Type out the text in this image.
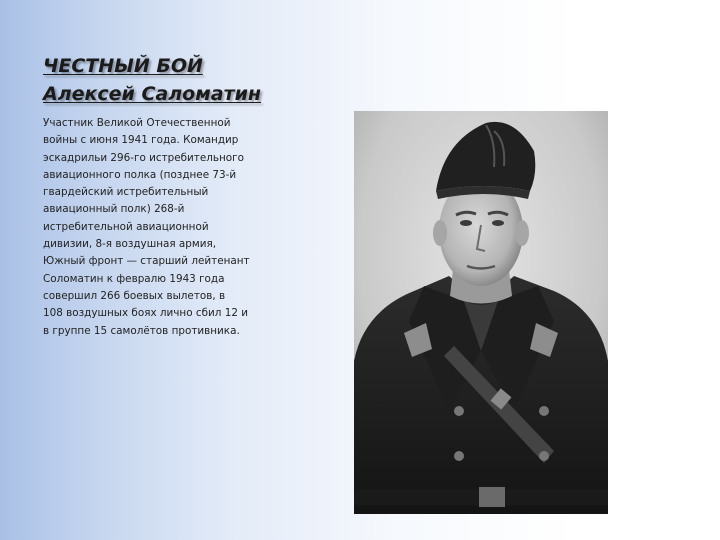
ЧЕСТНЫЙ БОЙ
Алексей Саломатин
Участник Великой Отечественной
войны с июня 1941 года. Командир
эскадрильи 296-го истребительного
авиационного полка (позднее 73-й
гвардейский истребительный
авиационный полк) 268-й
истребительной авиационной
дивизии, 8-я воздушная армия,
Южный фронт — старший лейтенант
Соломатин к февралю 1943 года
совершил 266 боевых вылетов, в
108 воздушных боях лично сбил 12 и
в группе 15 самолётов противника.
